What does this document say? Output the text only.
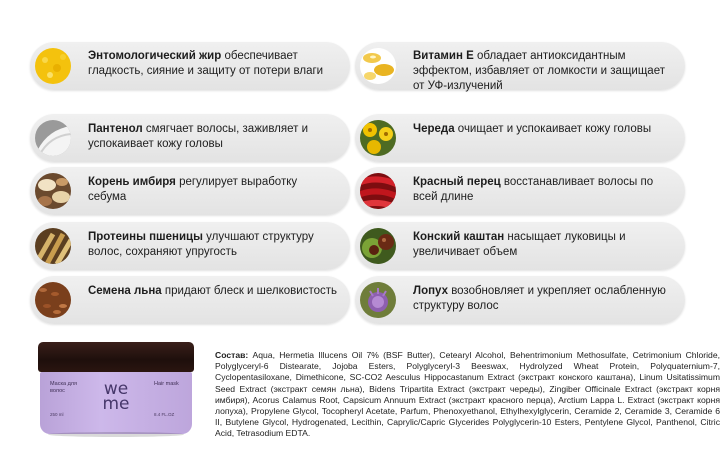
Энтомологический жир обеспечивает гладкость, сияние и защиту от потери влаги
Пантенол смягчает волосы, заживляет и успокаивает кожу головы
Корень имбиря регулирует выработку себума
Протеины пшеницы улучшают структуру волос, сохраняют упругость
Семена льна придают блеск и шелковистость
Витамин Е обладает антиоксидантным эффектом, избавляет от ломкости и защищает от УФ-излучений
Череда очищает и успокаивает кожу головы
Красный перец восстанавливает волосы по всей длине
Конский каштан насыщает луковицы и увеличивает объем
Лопух возобновляет и укрепляет ослабленную структуру волос
Маска для волос
Hair mask
we
me
250 ml	8.4 FL.OZ
Состав: Aqua, Hermetia Illucens Oil 7% (BSF Butter), Cetearyl Alcohol, Behentrimonium Methosulfate, Cetrimonium Chloride, Polyglyceryl-6 Distearate, Jojoba Esters, Polyglyceryl-3 Beeswax, Hydrolyzed Wheat Protein, Polyquaternium-7, Cyclopentasiloxane, Dimethicone, SC-CO2 Aesculus Hippocastanum Extract (экстракт конского каштана), Linum Usitatissimum Seed Extract (экстракт семян льна), Bidens Tripartita Extract (экстракт череды), Zingiber Officinale Extract (экстракт корня имбиря), Acorus Calamus Root, Capsicum Annuum Extract (экстракт красного перца), Arctium Lappa L. Extract (экстракт корня лопуха), Propylene Glycol, Tocopheryl Acetate, Parfum, Phenoxyethanol, Ethylhexylglycerin, Ceramide 2, Ceramide 3, Ceramide 6 II, Butylene Glycol, Hydrogenated, Lecithin, Caprylic/Capric Glycerides Polyglycerin-10 Esters, Pentylene Glycol, Panthenol, Citric Acid, Tetrasodium EDTA.
